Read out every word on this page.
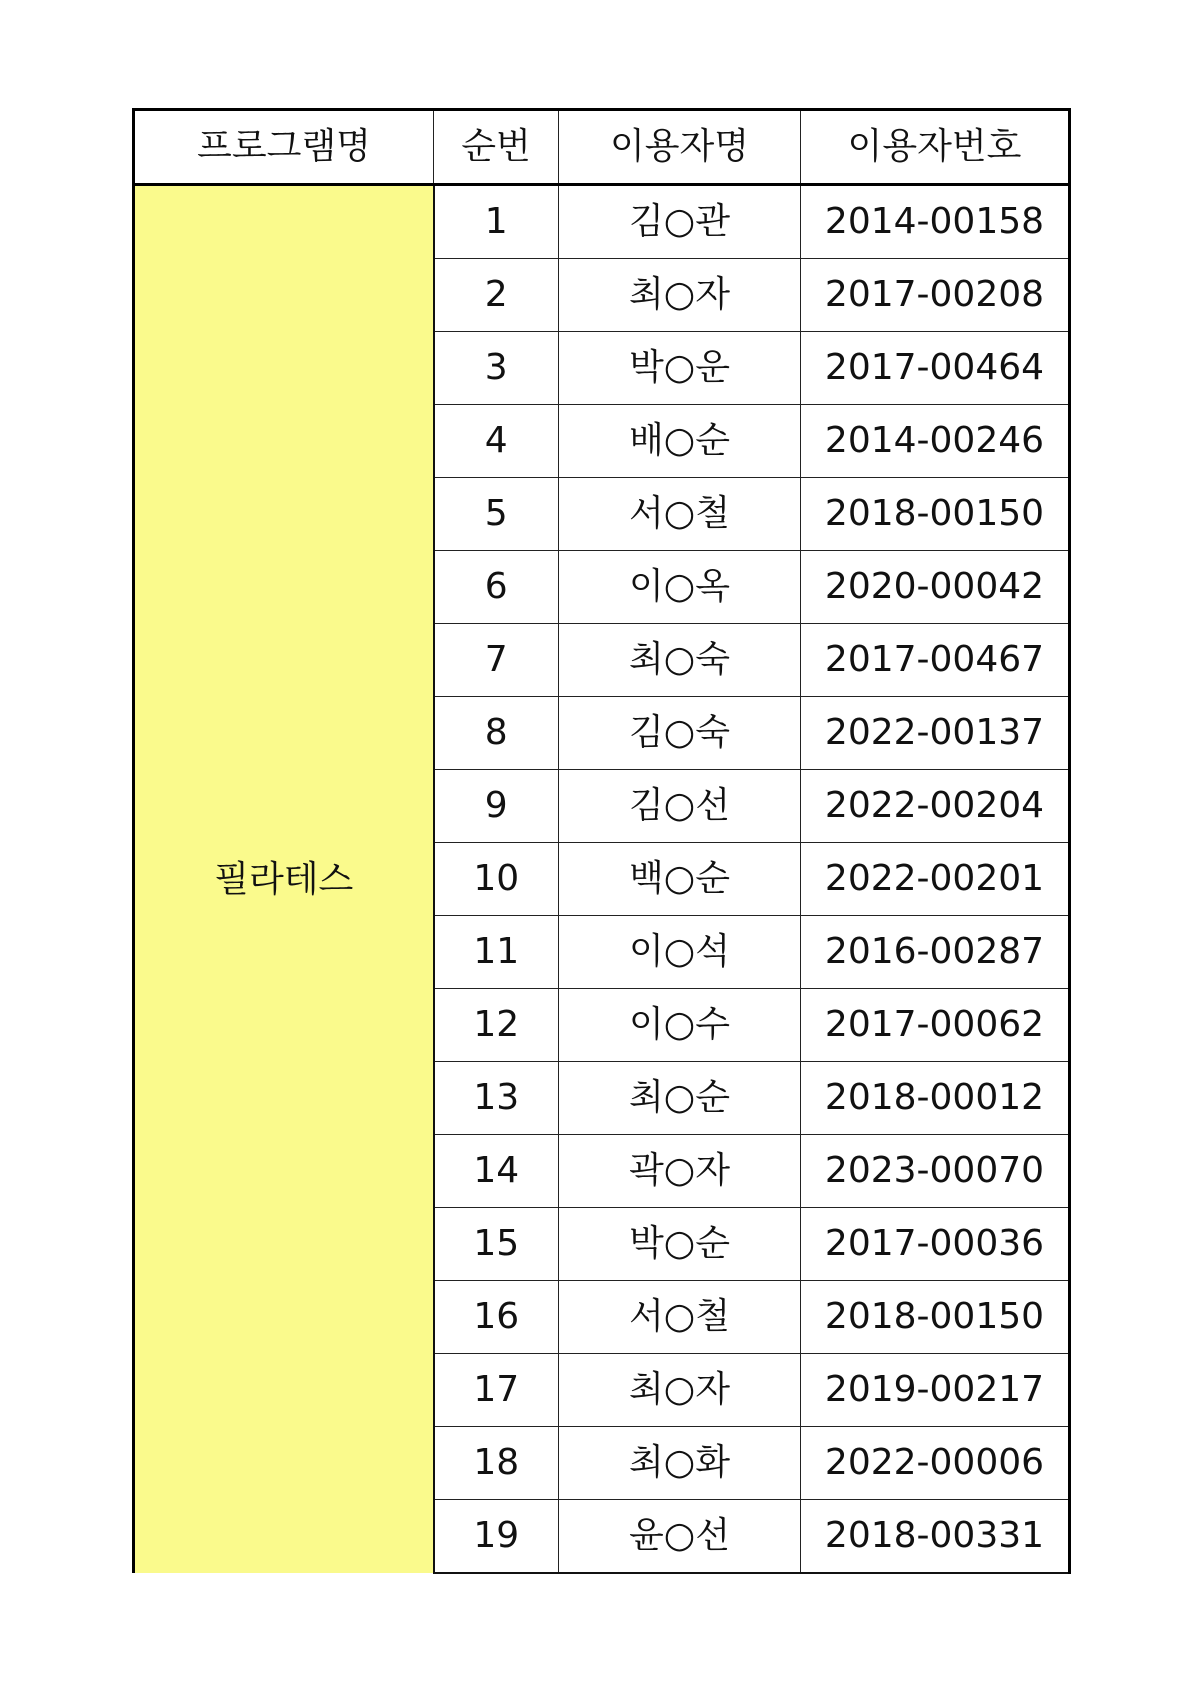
프로그램명	순번	이용자명	이용자번호
필라테스	1	김○관	2014-00158
	2	최○자	2017-00208
	3	박○운	2017-00464
	4	배○순	2014-00246
	5	서○철	2018-00150
	6	이○옥	2020-00042
	7	최○숙	2017-00467
	8	김○숙	2022-00137
	9	김○선	2022-00204
	10	백○순	2022-00201
	11	이○석	2016-00287
	12	이○수	2017-00062
	13	최○순	2018-00012
	14	곽○자	2023-00070
	15	박○순	2017-00036
	16	서○철	2018-00150
	17	최○자	2019-00217
	18	최○화	2022-00006
	19	윤○선	2018-00331
